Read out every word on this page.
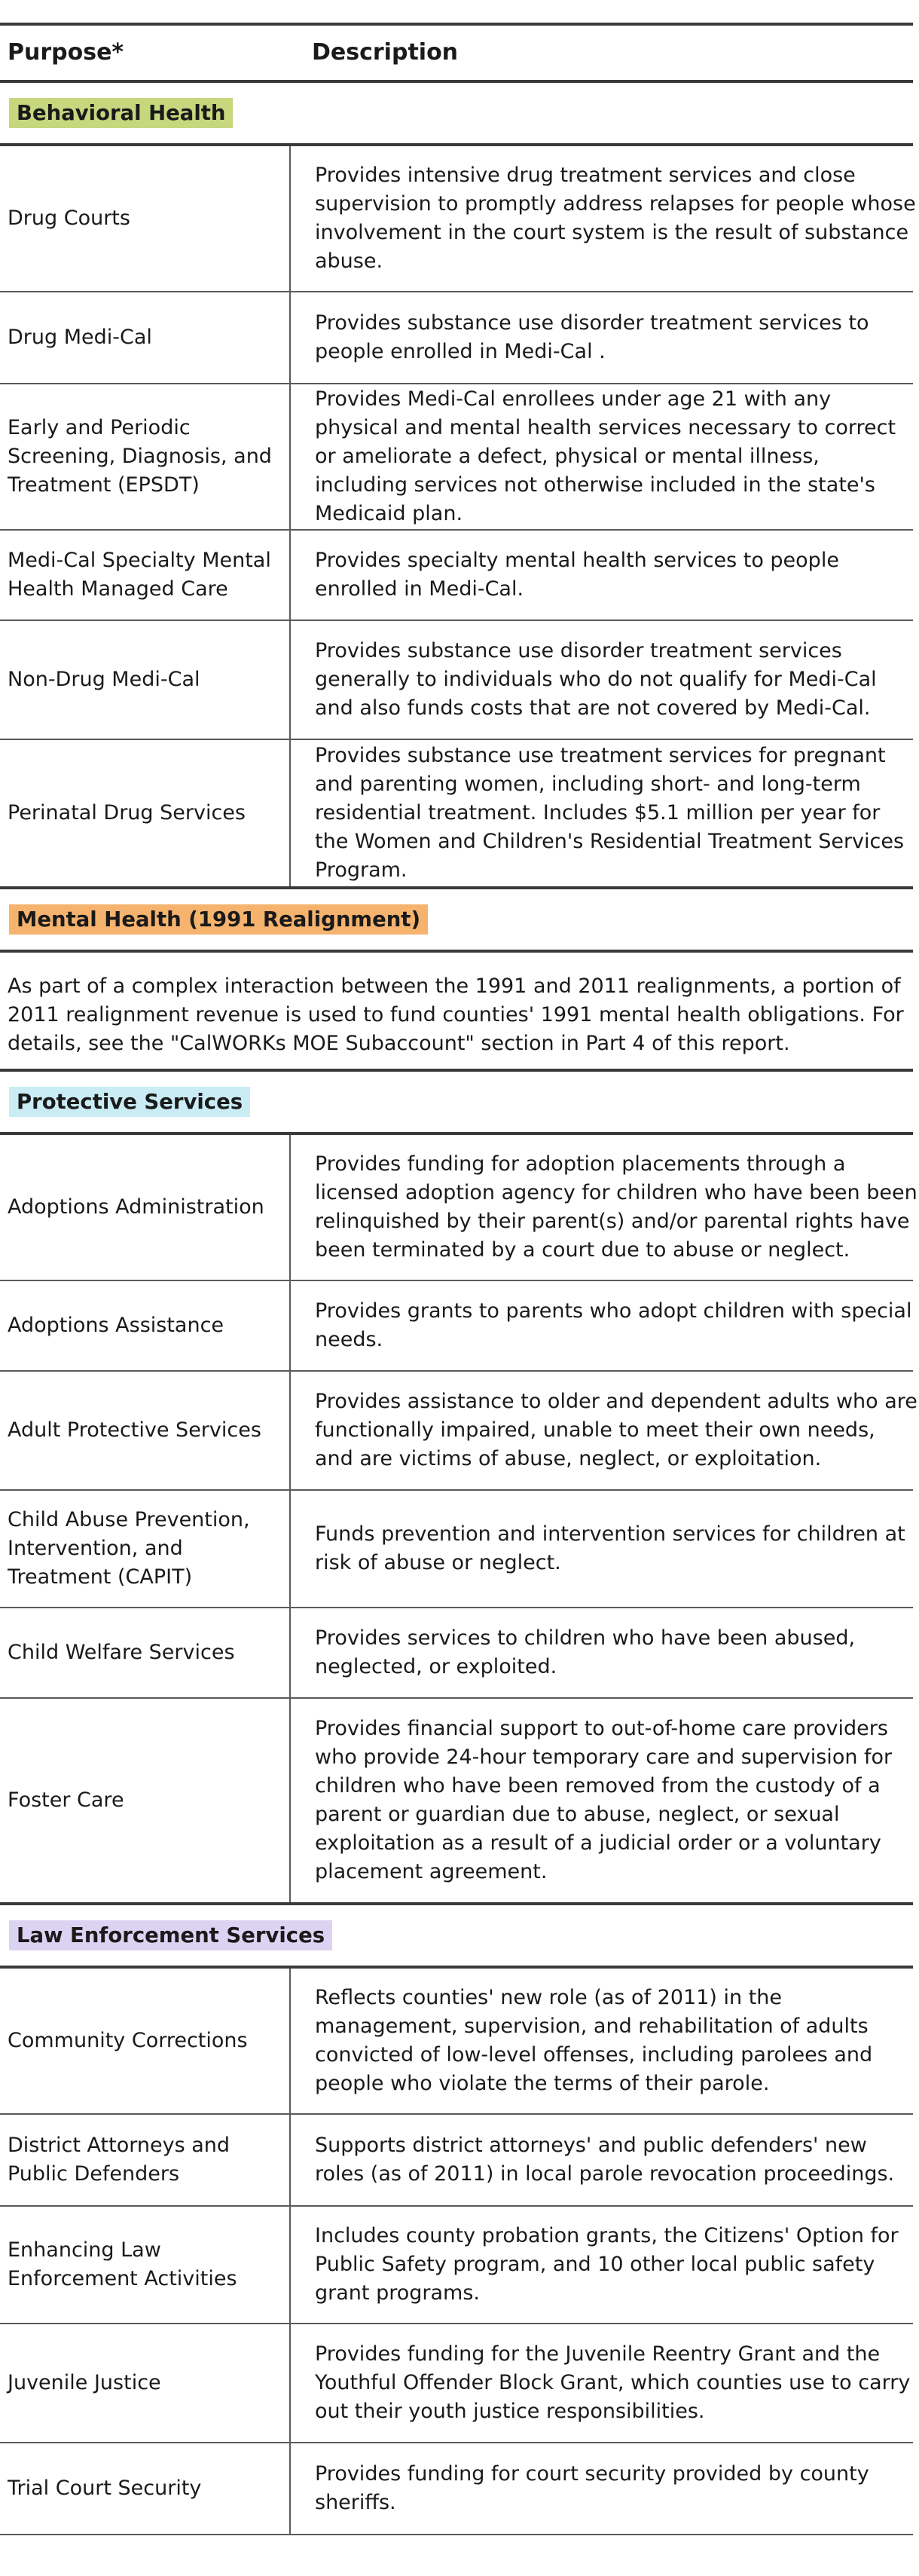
Purpose*	Description
Behavioral Health
Drug Courts
Provides intensive drug treatment services and close supervision to promptly address relapses for people whose involvement in the court system is the result of substance abuse.
Drug Medi-Cal
Provides substance use disorder treatment services to people enrolled in Medi-Cal .
Early and Periodic Screening, Diagnosis, and Treatment (EPSDT)
Provides Medi-Cal enrollees under age 21 with any physical and mental health services necessary to correct or ameliorate a defect, physical or mental illness, including services not otherwise included in the state's Medicaid plan.
Medi-Cal Specialty Mental Health Managed Care
Provides specialty mental health services to people enrolled in Medi-Cal.
Non-Drug Medi-Cal
Provides substance use disorder treatment services generally to individuals who do not qualify for Medi-Cal and also funds costs that are not covered by Medi-Cal.
Perinatal Drug Services
Provides substance use treatment services for pregnant and parenting women, including short- and long-term residential treatment. Includes $5.1 million per year for the Women and Children's Residential Treatment Services Program.
Mental Health (1991 Realignment)
As part of a complex interaction between the 1991 and 2011 realignments, a portion of 2011 realignment revenue is used to fund counties' 1991 mental health obligations. For details, see the "CalWORKs MOE Subaccount" section in Part 4 of this report.
Protective Services
Adoptions Administration
Provides funding for adoption placements through a licensed adoption agency for children who have been been relinquished by their parent(s) and/or parental rights have been terminated by a court due to abuse or neglect.
Adoptions Assistance
Provides grants to parents who adopt children with special needs.
Adult Protective Services
Provides assistance to older and dependent adults who are functionally impaired, unable to meet their own needs, and are victims of abuse, neglect, or exploitation.
Child Abuse Prevention, Intervention, and Treatment (CAPIT)
Funds prevention and intervention services for children at risk of abuse or neglect.
Child Welfare Services
Provides services to children who have been abused, neglected, or exploited.
Foster Care
Provides financial support to out-of-home care providers who provide 24-hour temporary care and supervision for children who have been removed from the custody of a parent or guardian due to abuse, neglect, or sexual exploitation as a result of a judicial order or a voluntary placement agreement.
Law Enforcement Services
Community Corrections
Reflects counties' new role (as of 2011) in the management, supervision, and rehabilitation of adults convicted of low-level offenses, including parolees and people who violate the terms of their parole.
District Attorneys and Public Defenders
Supports district attorneys' and public defenders' new roles (as of 2011) in local parole revocation proceedings.
Enhancing Law Enforcement Activities
Includes county probation grants, the Citizens' Option for Public Safety program, and 10 other local public safety grant programs.
Juvenile Justice
Provides funding for the Juvenile Reentry Grant and the Youthful Offender Block Grant, which counties use to carry out their youth justice responsibilities.
Trial Court Security
Provides funding for court security provided by county sheriffs.
